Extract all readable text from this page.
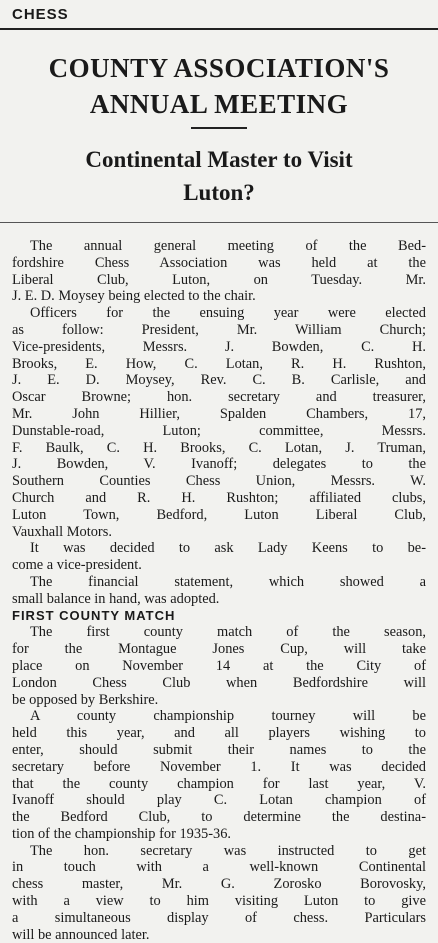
CHESS
COUNTY ASSOCIATION'S
ANNUAL MEETING
Continental Master to Visit
Luton?
The annual general meeting of the Bed-
fordshire Chess Association was held at the
Liberal Club, Luton, on Tuesday. Mr.
J. E. D. Moysey being elected to the chair.
Officers for the ensuing year were elected
as follow: President, Mr. William Church;
Vice-presidents, Messrs. J. Bowden, C. H.
Brooks, E. How, C. Lotan, R. H. Rushton,
J. E. D. Moysey, Rev. C. B. Carlisle, and
Oscar Browne; hon. secretary and treasurer,
Mr. John Hillier, Spalden Chambers, 17,
Dunstable-road, Luton; committee, Messrs.
F. Baulk, C. H. Brooks, C. Lotan, J. Truman,
J. Bowden, V. Ivanoff; delegates to the
Southern Counties Chess Union, Messrs. W.
Church and R. H. Rushton; affiliated clubs,
Luton Town, Bedford, Luton Liberal Club,
Vauxhall Motors.
It was decided to ask Lady Keens to be-
come a vice-president.
The financial statement, which showed a
small balance in hand, was adopted.
FIRST COUNTY MATCH
The first county match of the season,
for the Montague Jones Cup, will take
place on November 14 at the City of
London Chess Club when Bedfordshire will
be opposed by Berkshire.
A county championship tourney will be
held this year, and all players wishing to
enter, should submit their names to the
secretary before November 1. It was decided
that the county champion for last year, V.
Ivanoff should play C. Lotan champion of
the Bedford Club, to determine the destina-
tion of the championship for 1935-36.
The hon. secretary was instructed to get
in touch with a well-known Continental
chess master, Mr. G. Zorosko Borovosky,
with a view to him visiting Luton to give
a simultaneous display of chess. Particulars
will be announced later.
